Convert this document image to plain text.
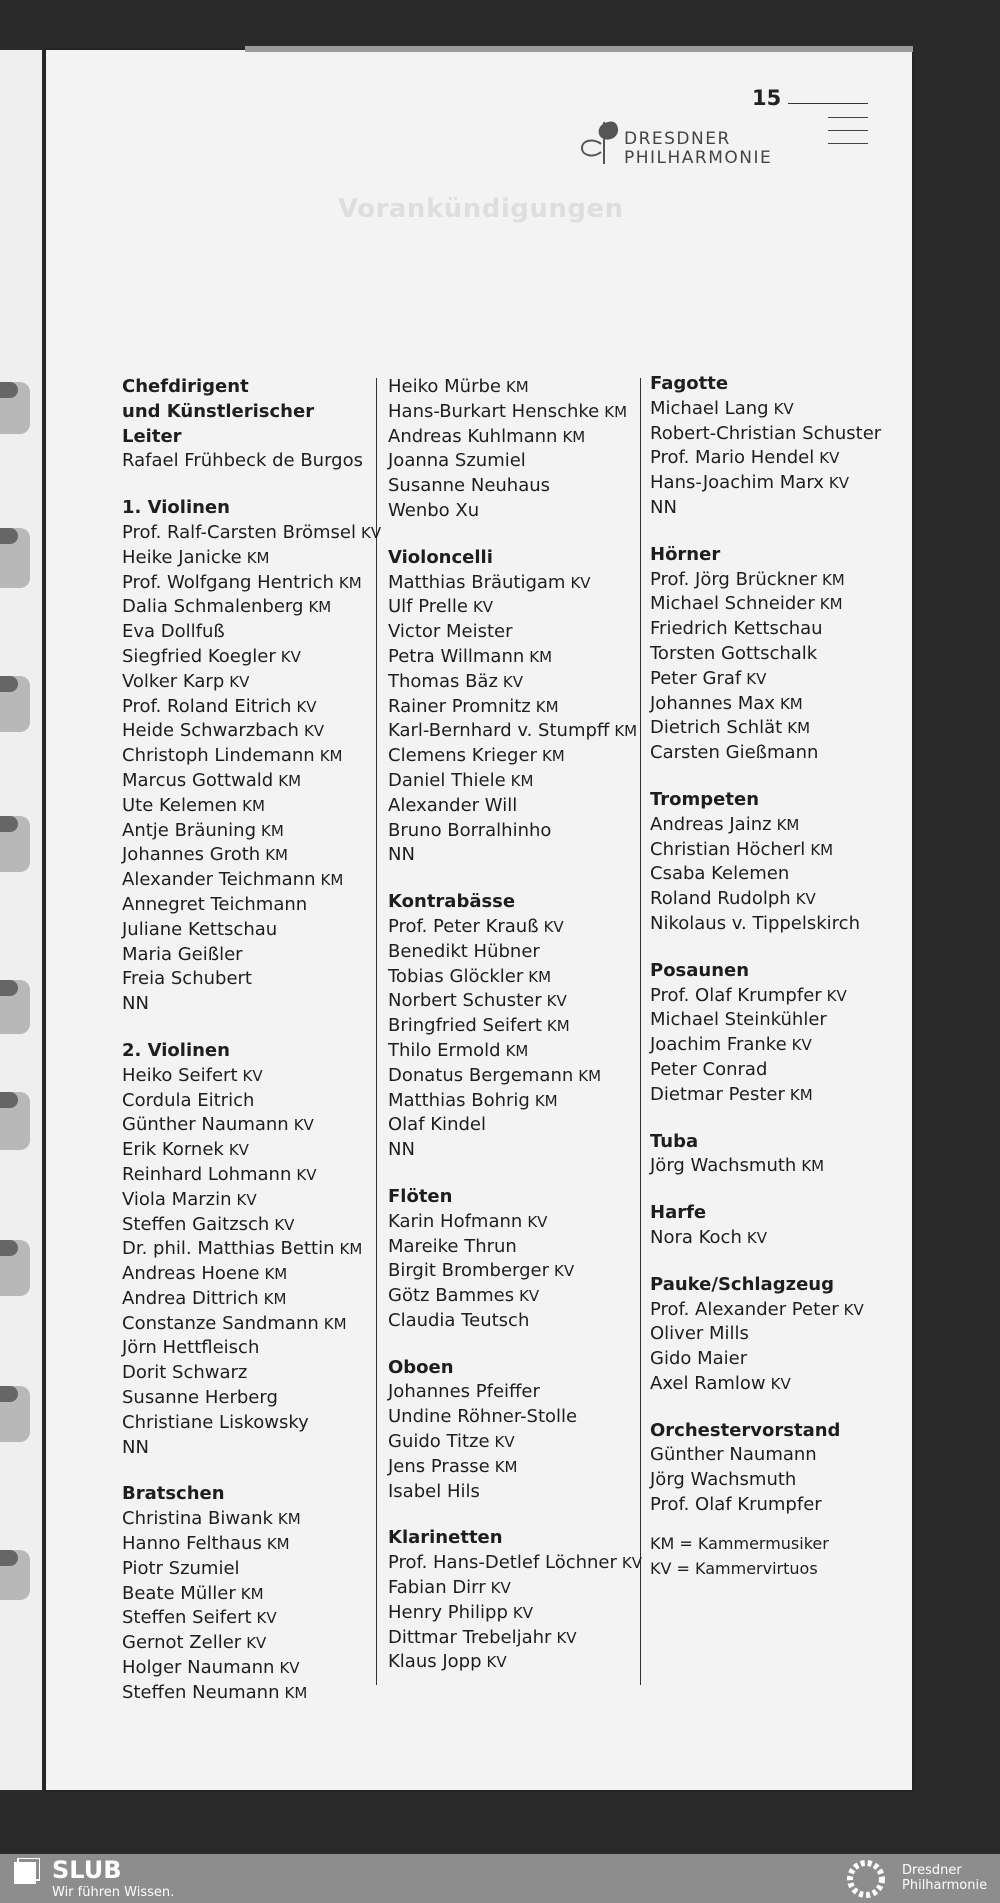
15
DRESDNER
PHILHARMONIE
Vorankündigungen
Chefdirigent
und Künstlerischer Leiter
Rafael Frühbeck de Burgos
1. Violinen
Prof. Ralf-Carsten Brömsel KV
Heike Janicke KM
Prof. Wolfgang Hentrich KM
Dalia Schmalenberg KM
Eva Dollfuß
Siegfried Koegler KV
Volker Karp KV
Prof. Roland Eitrich KV
Heide Schwarzbach KV
Christoph Lindemann KM
Marcus Gottwald KM
Ute Kelemen KM
Antje Bräuning KM
Johannes Groth KM
Alexander Teichmann KM
Annegret Teichmann
Juliane Kettschau
Maria Geißler
Freia Schubert
NN
2. Violinen
Heiko Seifert KV
Cordula Eitrich
Günther Naumann KV
Erik Kornek KV
Reinhard Lohmann KV
Viola Marzin KV
Steffen Gaitzsch KV
Dr. phil. Matthias Bettin KM
Andreas Hoene KM
Andrea Dittrich KM
Constanze Sandmann KM
Jörn Hettfleisch
Dorit Schwarz
Susanne Herberg
Christiane Liskowsky
NN
Bratschen
Christina Biwank KM
Hanno Felthaus KM
Piotr Szumiel
Beate Müller KM
Steffen Seifert KV
Gernot Zeller KV
Holger Naumann KV
Steffen Neumann KM
Heiko Mürbe KM
Hans-Burkart Henschke KM
Andreas Kuhlmann KM
Joanna Szumiel
Susanne Neuhaus
Wenbo Xu
Violoncelli
Matthias Bräutigam KV
Ulf Prelle KV
Victor Meister
Petra Willmann KM
Thomas Bäz KV
Rainer Promnitz KM
Karl-Bernhard v. Stumpff KM
Clemens Krieger KM
Daniel Thiele KM
Alexander Will
Bruno Borralhinho
NN
Kontrabässe
Prof. Peter Krauß KV
Benedikt Hübner
Tobias Glöckler KM
Norbert Schuster KV
Bringfried Seifert KM
Thilo Ermold KM
Donatus Bergemann KM
Matthias Bohrig KM
Olaf Kindel
NN
Flöten
Karin Hofmann KV
Mareike Thrun
Birgit Bromberger KV
Götz Bammes KV
Claudia Teutsch
Oboen
Johannes Pfeiffer
Undine Röhner-Stolle
Guido Titze KV
Jens Prasse KM
Isabel Hils
Klarinetten
Prof. Hans-Detlef Löchner KV
Fabian Dirr KV
Henry Philipp KV
Dittmar Trebeljahr KV
Klaus Jopp KV
Fagotte
Michael Lang KV
Robert-Christian Schuster
Prof. Mario Hendel KV
Hans-Joachim Marx KV
NN
Hörner
Prof. Jörg Brückner KM
Michael Schneider KM
Friedrich Kettschau
Torsten Gottschalk
Peter Graf KV
Johannes Max KM
Dietrich Schlät KM
Carsten Gießmann
Trompeten
Andreas Jainz KM
Christian Höcherl KM
Csaba Kelemen
Roland Rudolph KV
Nikolaus v. Tippelskirch
Posaunen
Prof. Olaf Krumpfer KV
Michael Steinkühler
Joachim Franke KV
Peter Conrad
Dietmar Pester KM
Tuba
Jörg Wachsmuth KM
Harfe
Nora Koch KV
Pauke/Schlagzeug
Prof. Alexander Peter KV
Oliver Mills
Gido Maier
Axel Ramlow KV
Orchestervorstand
Günther Naumann
Jörg Wachsmuth
Prof. Olaf Krumpfer
KM = Kammermusiker
KV = Kammervirtuos
SLUB
Wir führen Wissen.
Dresdner
Philharmonie
